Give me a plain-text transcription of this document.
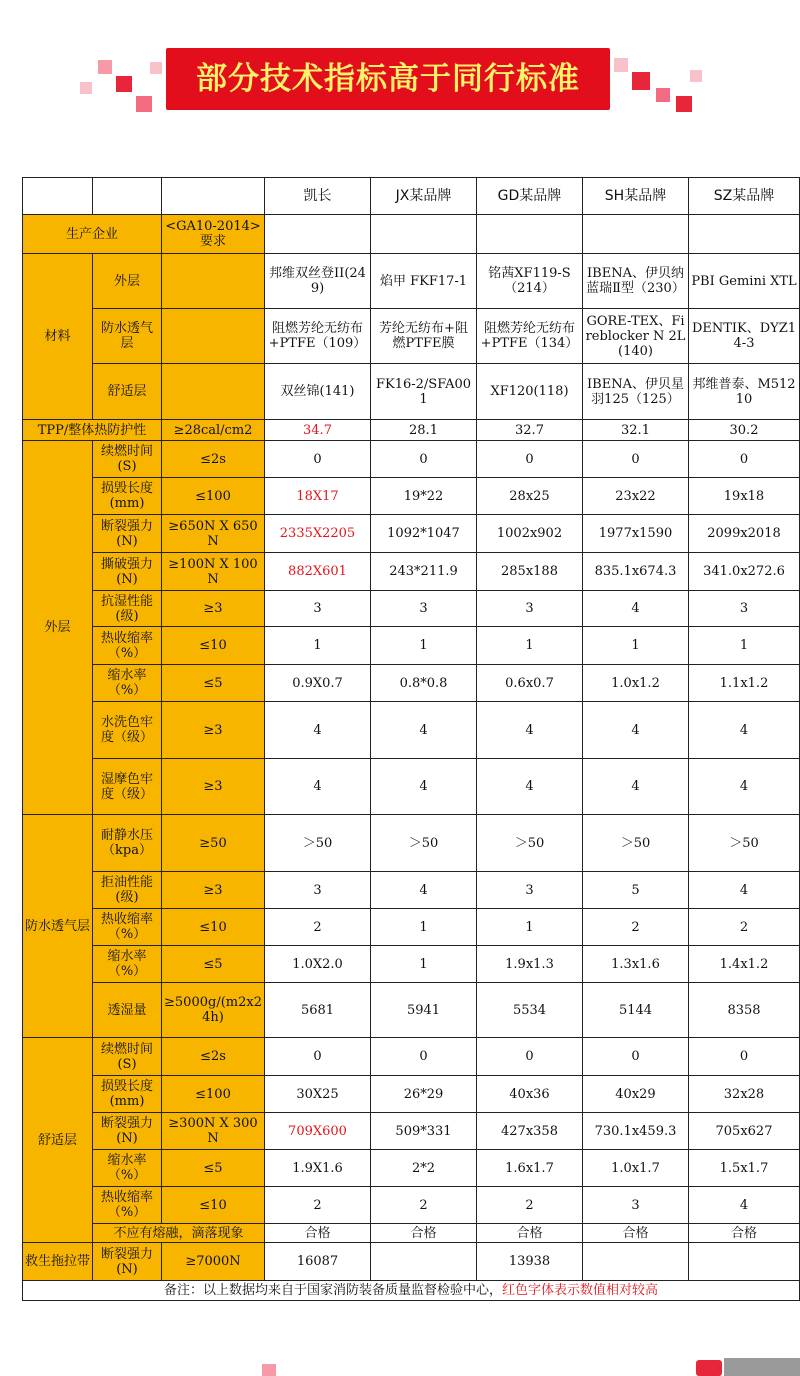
部分技术指标高于同行标准
			凯长	JX某品牌	GD某品牌	SH某品牌	SZ某品牌
生产企业		<GA10-2014>要求					
材料	外层		邦维双丝登II(249)	焰甲 FKF17-1	铭茜XF119-S（214）	IBENA、伊贝纳蓝瑞Ⅱ型（230）	PBI Gemini XTL
	防水透气层		阻燃芳纶无纺布+PTFE（109）	芳纶无纺布+阻燃PTFE膜	阻燃芳纶无纺布+PTFE（134）	GORE-TEX、Fireblocker N 2L(140)	DENTIK、DYZ14-3
	舒适层		双丝锦(141)	FK16-2/SFA001	XF120(118)	IBENA、伊贝星羽125（125）	邦维普泰、M51210
TPP/整体热防护性		≥28cal/cm2	34.7	28.1	32.7	32.1	30.2
外层	续燃时间(S)	≤2s	0	0	0	0	0
	损毁长度(mm)	≤100	18X17	19*22	28x25	23x22	19x18
	断裂强力(N)	≥650N X 650N	2335X2205	1092*1047	1002x902	1977x1590	2099x2018
	撕破强力(N)	≥100N X 100N	882X601	243*211.9	285x188	835.1x674.3	341.0x272.6
	抗湿性能(级)	≥3	3	3	3	4	3
	热收缩率（%）	≤10	1	1	1	1	1
	缩水率（%）	≤5	0.9X0.7	0.8*0.8	0.6x0.7	1.0x1.2	1.1x1.2
	水洗色牢度（级）	≥3	4	4	4	4	4
	湿摩色牢度（级）	≥3	4	4	4	4	4
防水透气层	耐静水压（kpa）	≥50	＞50	＞50	＞50	＞50	＞50
	拒油性能(级)	≥3	3	4	3	5	4
	热收缩率（%）	≤10	2	1	1	2	2
	缩水率（%）	≤5	1.0X2.0	1	1.9x1.3	1.3x1.6	1.4x1.2
	透湿量	≥5000g/(m2x24h)	5681	5941	5534	5144	8358
舒适层	续燃时间(S)	≤2s	0	0	0	0	0
	损毁长度(mm)	≤100	30X25	26*29	40x36	40x29	32x28
	断裂强力(N)	≥300N X 300N	709X600	509*331	427x358	730.1x459.3	705x627
	缩水率（%）	≤5	1.9X1.6	2*2	1.6x1.7	1.0x1.7	1.5x1.7
	热收缩率（%）	≤10	2	2	2	3	4
	不应有熔融，滴落现象		合格	合格	合格	合格	合格
救生拖拉带	断裂强力(N)	≥7000N	16087		13938		
备注：以上数据均来自于国家消防装备质量监督检验中心，红色字体表示数值相对较高							
